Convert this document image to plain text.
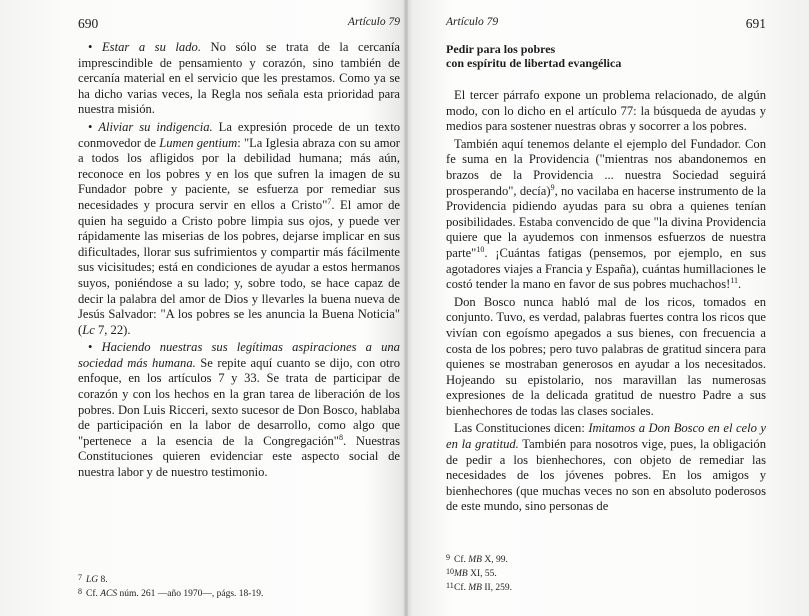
690	Artículo 79

• Estar a su lado. No sólo se trata de la cercanía imprescindible de pensamiento y corazón, sino también de cercanía material en el servicio que les prestamos. Como ya se ha dicho varias veces, la Regla nos señala esta prioridad para nuestra misión.

• Aliviar su indigencia. La expresión procede de un texto conmovedor de Lumen gentium: "La Iglesia abraza con su amor a todos los afligidos por la debilidad humana; más aún, reconoce en los pobres y en los que sufren la imagen de su Fundador pobre y paciente, se esfuerza por remediar sus necesidades y procura servir en ellos a Cristo"$^7$. El amor de quien ha seguido a Cristo pobre limpia sus ojos, y puede ver rápidamente las miserias de los pobres, dejarse implicar en sus dificultades, llorar sus sufrimientos y compartir más fácilmente sus vicisitudes; está en condiciones de ayudar a estos hermanos suyos, poniéndose a su lado; y, sobre todo, se hace capaz de decir la palabra del amor de Dios y llevarles la buena nueva de Jesús Salvador: "A los pobres se les anuncia la Buena Noticia" (Lc 7, 22).

• Haciendo nuestras sus legítimas aspiraciones a una sociedad más humana. Se repite aquí cuanto se dijo, con otro enfoque, en los artículos 7 y 33. Se trata de participar de corazón y con los hechos en la gran tarea de liberación de los pobres. Don Luis Ricceri, sexto sucesor de Don Bosco, hablaba de participación en la labor de desarrollo, como algo que "pertenece a la esencia de la Congregación"$^8$. Nuestras Constituciones quieren evidenciar este aspecto social de nuestra labor y de nuestro testimonio.

7 LG 8.
8 Cf. ACS núm. 261 —año 1970—, págs. 18-19.
Artículo 79	691
Pedir para los pobres
con espíritu de libertad evangélica

El tercer párrafo expone un problema relacionado, de algún modo, con lo dicho en el artículo 77: la búsqueda de ayudas y medios para sostener nuestras obras y socorrer a los pobres.

También aquí tenemos delante el ejemplo del Fundador. Con fe suma en la Providencia ("mientras nos abandonemos en brazos de la Providencia ... nuestra Sociedad seguirá prosperando", decía)$^9$, no vacilaba en hacerse instrumento de la Providencia pidiendo ayudas para su obra a quienes tenían posibilidades. Estaba convencido de que "la divina Providencia quiere que la ayudemos con inmensos esfuerzos de nuestra parte"$^{10}$. ¡Cuántas fatigas (pensemos, por ejemplo, en sus agotadores viajes a Francia y España), cuántas humillaciones le costó tender la mano en favor de sus pobres muchachos!$^{11}$.

Don Bosco nunca habló mal de los ricos, tomados en conjunto. Tuvo, es verdad, palabras fuertes contra los ricos que vivían con egoísmo apegados a sus bienes, con frecuencia a costa de los pobres; pero tuvo palabras de gratitud sincera para quienes se mostraban generosos en ayudar a los necesitados. Hojeando su epistolario, nos maravillan las numerosas expresiones de la delicada gratitud de nuestro Padre a sus bienhechores de todas las clases sociales.

Las Constituciones dicen: Imitamos a Don Bosco en el celo y en la gratitud. También para nosotros vige, pues, la obligación de pedir a los bienhechores, con objeto de remediar las necesidades de los jóvenes pobres. En los amigos y bienhechores (que muchas veces no son en absoluto poderosos de este mundo, sino personas de

9 Cf. MB X, 99.
10MB XI, 55.
11Cf. MB II, 259.
